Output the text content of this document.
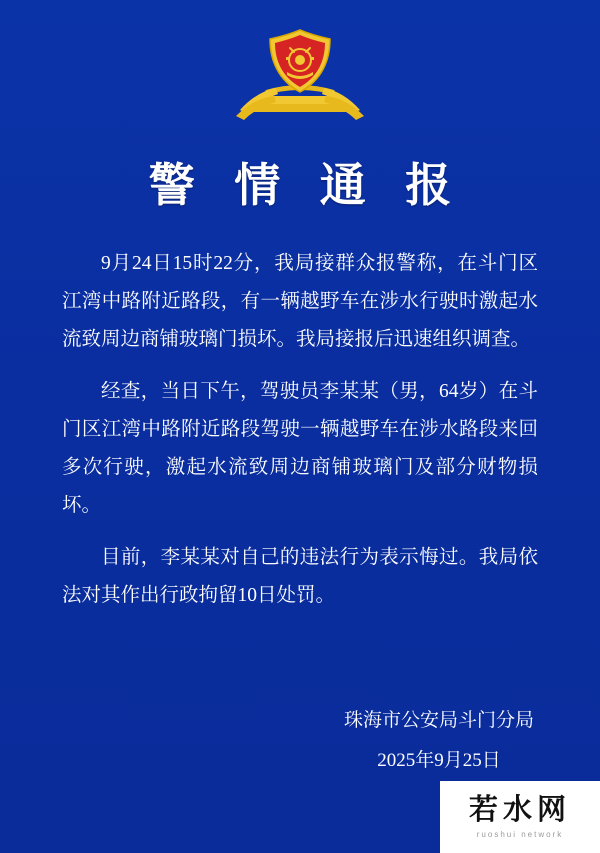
警 情 通 报

9月24日15时22分，我局接群众报警称，在斗门区江湾中路附近路段，有一辆越野车在涉水行驶时激起水流致周边商铺玻璃门损坏。我局接报后迅速组织调查。

经查，当日下午，驾驶员李某某（男，64岁）在斗门区江湾中路附近路段驾驶一辆越野车在涉水路段来回多次行驶，激起水流致周边商铺玻璃门及部分财物损坏。

目前，李某某对自己的违法行为表示悔过。我局依法对其作出行政拘留10日处罚。

珠海市公安局斗门分局
2025年9月25日
若水网
ruoshui network
